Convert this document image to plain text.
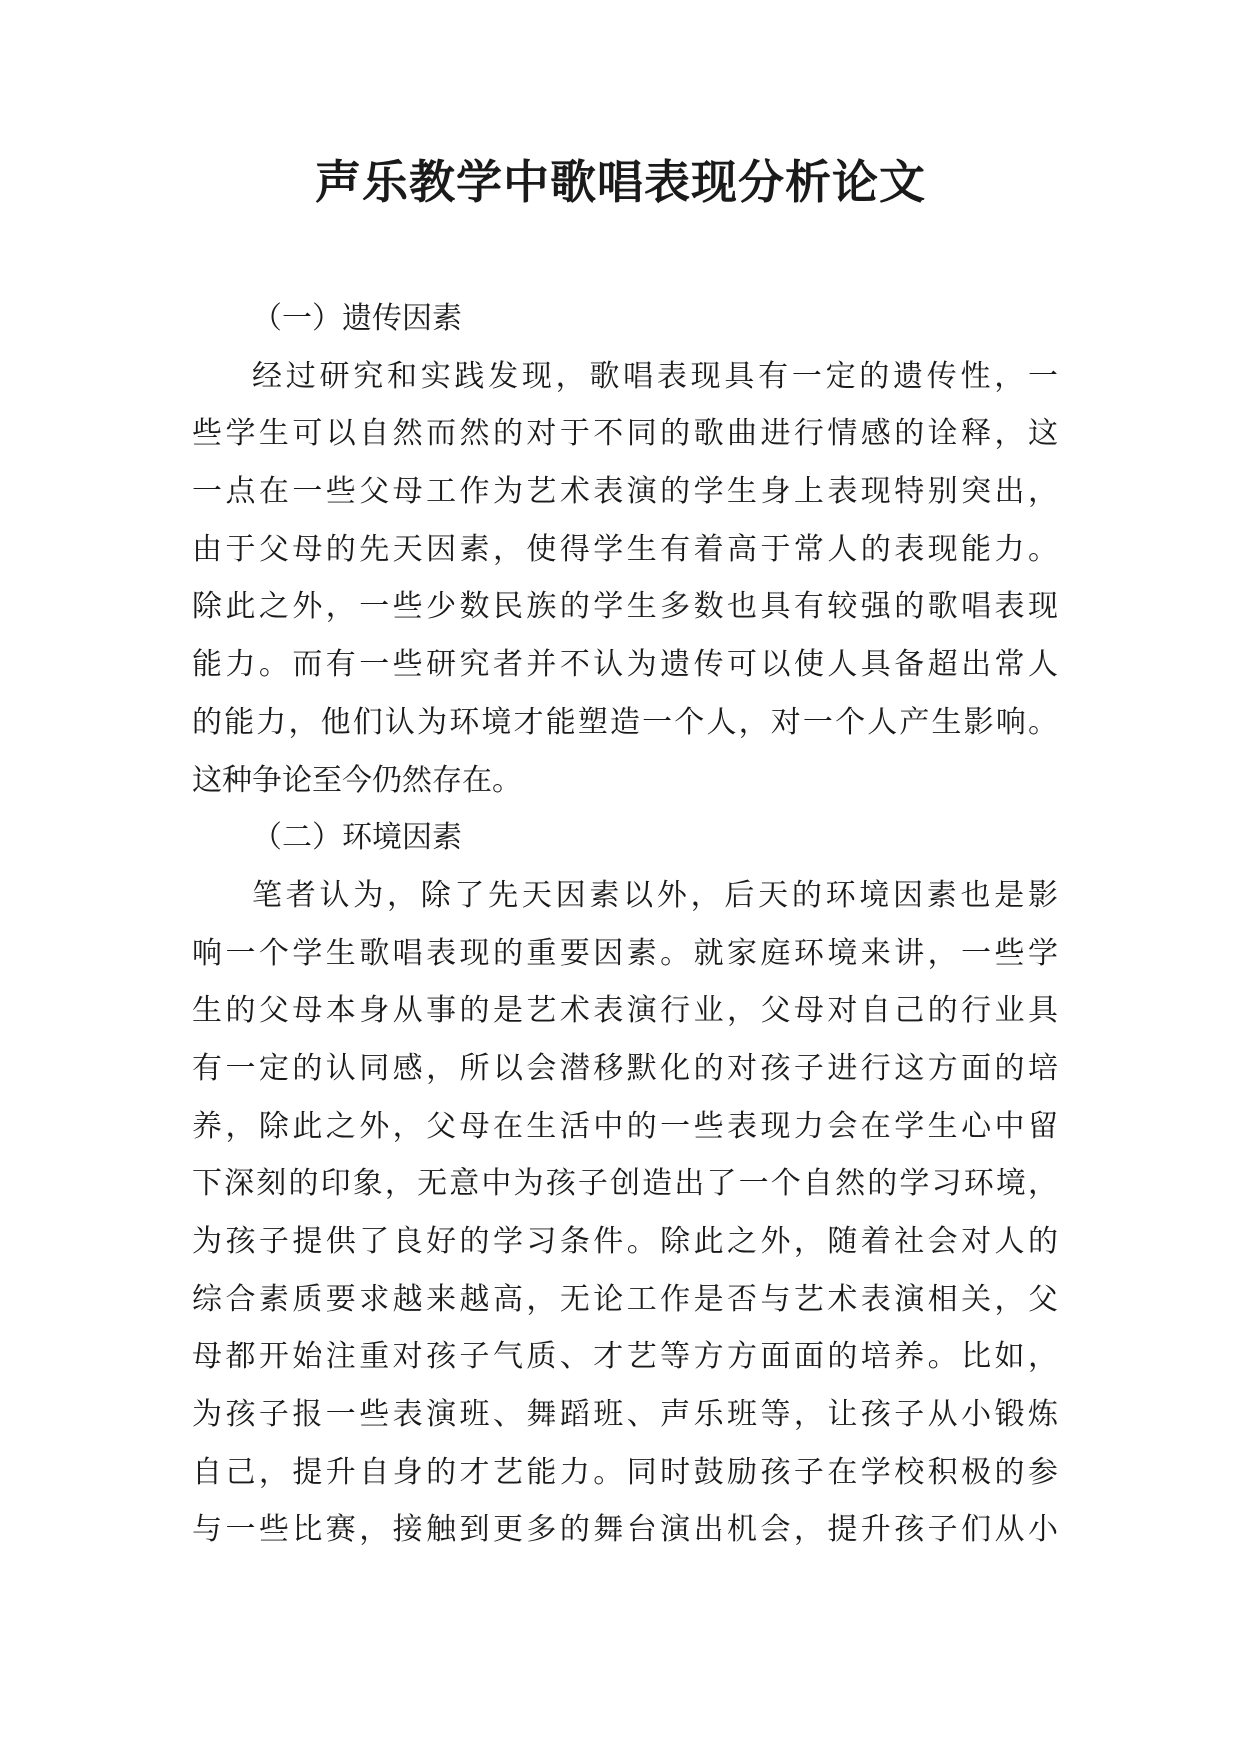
声乐教学中歌唱表现分析论文
（一）遗传因素
经过研究和实践发现，歌唱表现具有一定的遗传性，一
些学生可以自然而然的对于不同的歌曲进行情感的诠释，这
一点在一些父母工作为艺术表演的学生身上表现特别突出，
由于父母的先天因素，使得学生有着高于常人的表现能力。
除此之外，一些少数民族的学生多数也具有较强的歌唱表现
能力。而有一些研究者并不认为遗传可以使人具备超出常人
的能力，他们认为环境才能塑造一个人，对一个人产生影响。
这种争论至今仍然存在。
（二）环境因素
笔者认为，除了先天因素以外，后天的环境因素也是影
响一个学生歌唱表现的重要因素。就家庭环境来讲，一些学
生的父母本身从事的是艺术表演行业，父母对自己的行业具
有一定的认同感，所以会潜移默化的对孩子进行这方面的培
养，除此之外，父母在生活中的一些表现力会在学生心中留
下深刻的印象，无意中为孩子创造出了一个自然的学习环境，
为孩子提供了良好的学习条件。除此之外，随着社会对人的
综合素质要求越来越高，无论工作是否与艺术表演相关，父
母都开始注重对孩子气质、才艺等方方面面的培养。比如，
为孩子报一些表演班、舞蹈班、声乐班等，让孩子从小锻炼
自己，提升自身的才艺能力。同时鼓励孩子在学校积极的参
与一些比赛，接触到更多的舞台演出机会，提升孩子们从小
